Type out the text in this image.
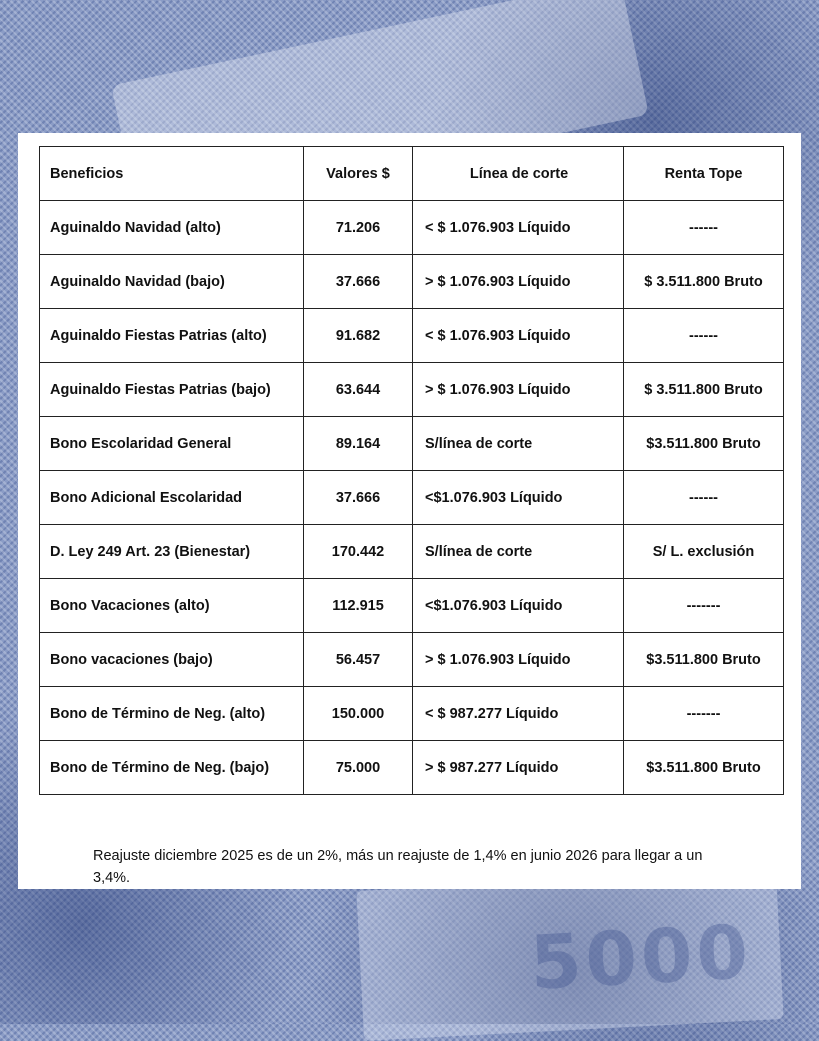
5000
Beneficios	Valores $	Línea de corte	Renta Tope
Aguinaldo Navidad (alto)	71.206	< $ 1.076.903 Líquido	------
Aguinaldo Navidad (bajo)	37.666	> $ 1.076.903 Líquido	$ 3.511.800 Bruto
Aguinaldo Fiestas Patrias (alto)	91.682	< $ 1.076.903 Líquido	------
Aguinaldo Fiestas Patrias (bajo)	63.644	> $ 1.076.903 Líquido	$ 3.511.800 Bruto
Bono Escolaridad General	89.164	S/línea de corte	$3.511.800 Bruto
Bono Adicional Escolaridad	37.666	<$1.076.903 Líquido	------
D. Ley 249 Art. 23 (Bienestar)	170.442	S/línea de corte	S/ L. exclusión
Bono Vacaciones (alto)	112.915	<$1.076.903 Líquido	-------
Bono vacaciones (bajo)	56.457	> $ 1.076.903 Líquido	$3.511.800 Bruto
Bono de Término de Neg. (alto)	150.000	< $ 987.277 Líquido	-------
Bono de Término de Neg. (bajo)	75.000	> $ 987.277 Líquido	$3.511.800 Bruto
Reajuste diciembre 2025 es de un 2%, más un reajuste de 1,4% en junio 2026 para llegar a un 3,4%.
